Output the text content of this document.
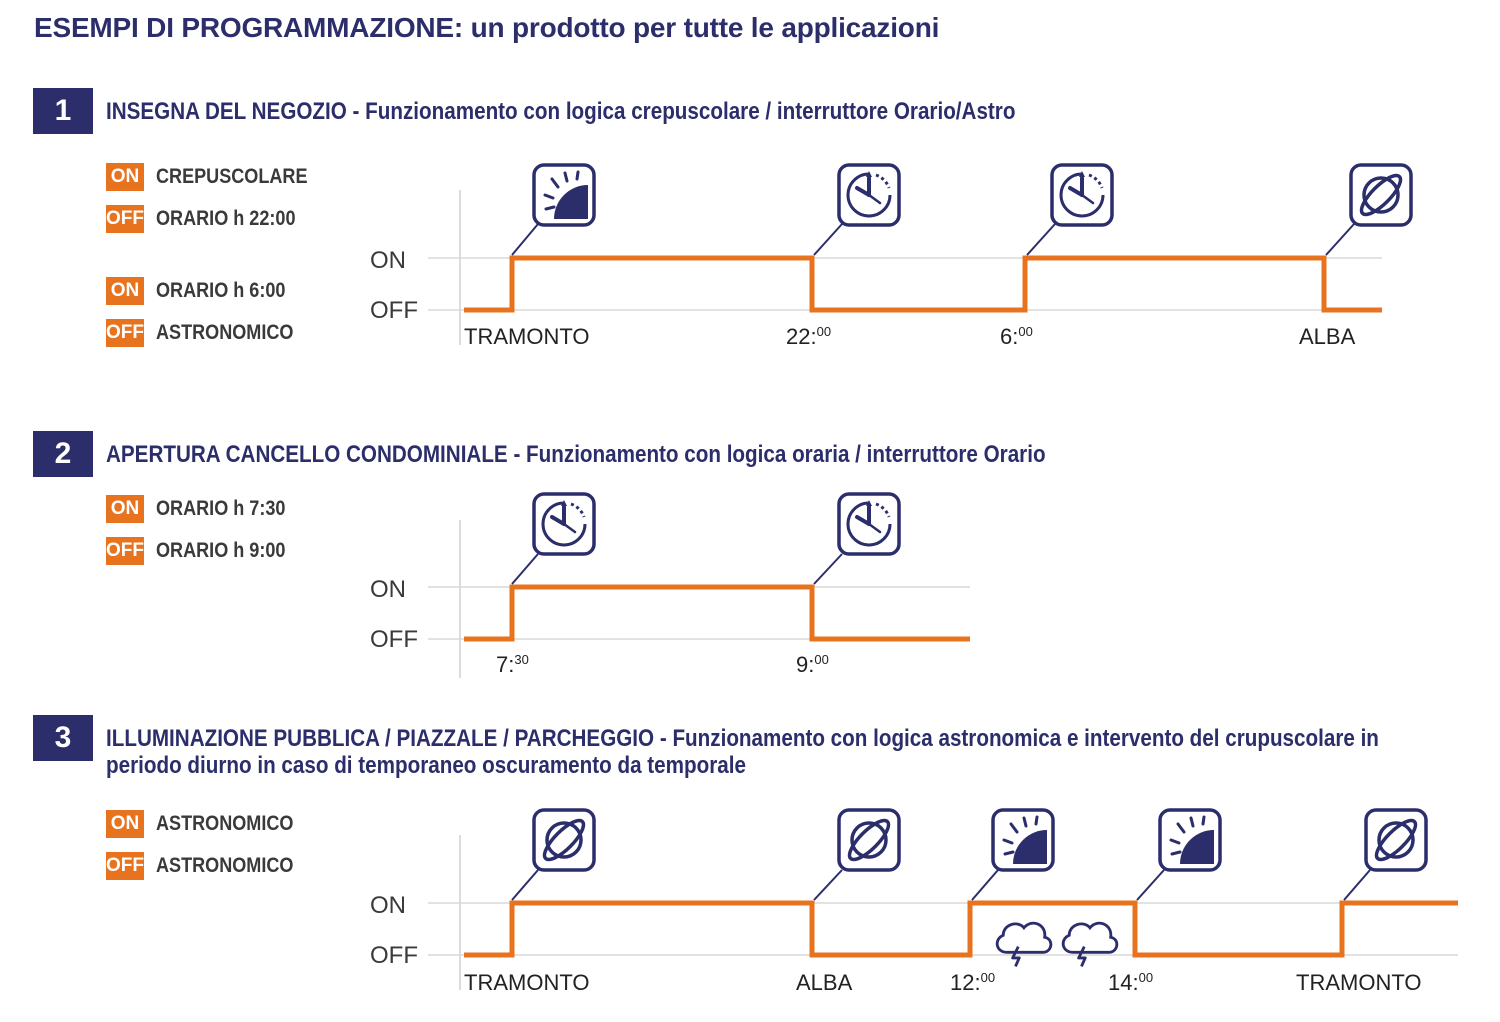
ESEMPI DI PROGRAMMAZIONE: un prodotto per tutte le applicazioni
1	INSEGNA DEL NEGOZIO - Funzionamento con logica crepuscolare / interruttore Orario/Astro
ON CREPUSCOLARE
OFF ORARIO h 22:00
ON ORARIO h 6:00
OFF ASTRONOMICO
2	APERTURA CANCELLO CONDOMINIALE - Funzionamento con logica oraria / interruttore Orario
ON ORARIO h 7:30
OFF ORARIO h 9:00
3	ILLUMINAZIONE PUBBLICA / PIAZZALE / PARCHEGGIO - Funzionamento con logica astronomica e intervento del crupuscolare in
periodo diurno in caso di temporaneo oscuramento da temporale
ON ASTRONOMICO
OFF ASTRONOMICO
ON
OFF
TRAMONTO	22:$^{00}$	6:$^{00}$	ALBA
ON
OFF
7:$^{30}$	9:$^{00}$
ON
OFF
TRAMONTO	ALBA	12:$^{00}$	14:$^{00}$	TRAMONTO
